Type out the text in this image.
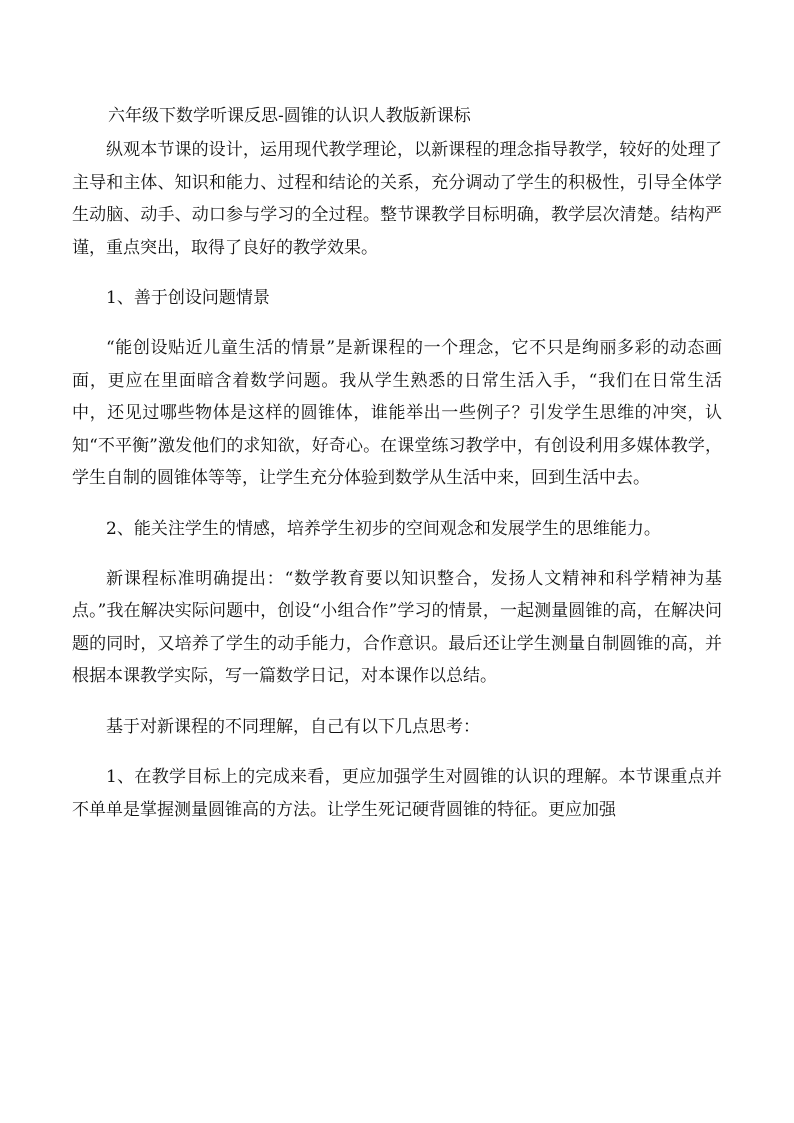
六年级下数学听课反思-圆锥的认识人教版新课标

纵观本节课的设计，运用现代教学理论，以新课程的理念指导教学，较好的处理了主导和主体、知识和能力、过程和结论的关系，充分调动了学生的积极性，引导全体学生动脑、动手、动口参与学习的全过程。整节课教学目标明确，教学层次清楚。结构严谨，重点突出，取得了良好的教学效果。

1、善于创设问题情景

“能创设贴近儿童生活的情景”是新课程的一个理念，它不只是绚丽多彩的动态画面，更应在里面暗含着数学问题。我从学生熟悉的日常生活入手，“我们在日常生活中，还见过哪些物体是这样的圆锥体，谁能举出一些例子？引发学生思维的冲突，认知“不平衡”激发他们的求知欲，好奇心。在课堂练习教学中，有创设利用多媒体教学，学生自制的圆锥体等等，让学生充分体验到数学从生活中来，回到生活中去。

2、能关注学生的情感，培养学生初步的空间观念和发展学生的思维能力。

新课程标准明确提出：“数学教育要以知识整合，发扬人文精神和科学精神为基点。”我在解决实际问题中，创设“小组合作”学习的情景，一起测量圆锥的高，在解决问题的同时，又培养了学生的动手能力，合作意识。最后还让学生测量自制圆锥的高，并根据本课教学实际，写一篇数学日记，对本课作以总结。

基于对新课程的不同理解，自己有以下几点思考：

1、在教学目标上的完成来看，更应加强学生对圆锥的认识的理解。本节课重点并不单单是掌握测量圆锥高的方法。让学生死记硬背圆锥的特征。更应加强
